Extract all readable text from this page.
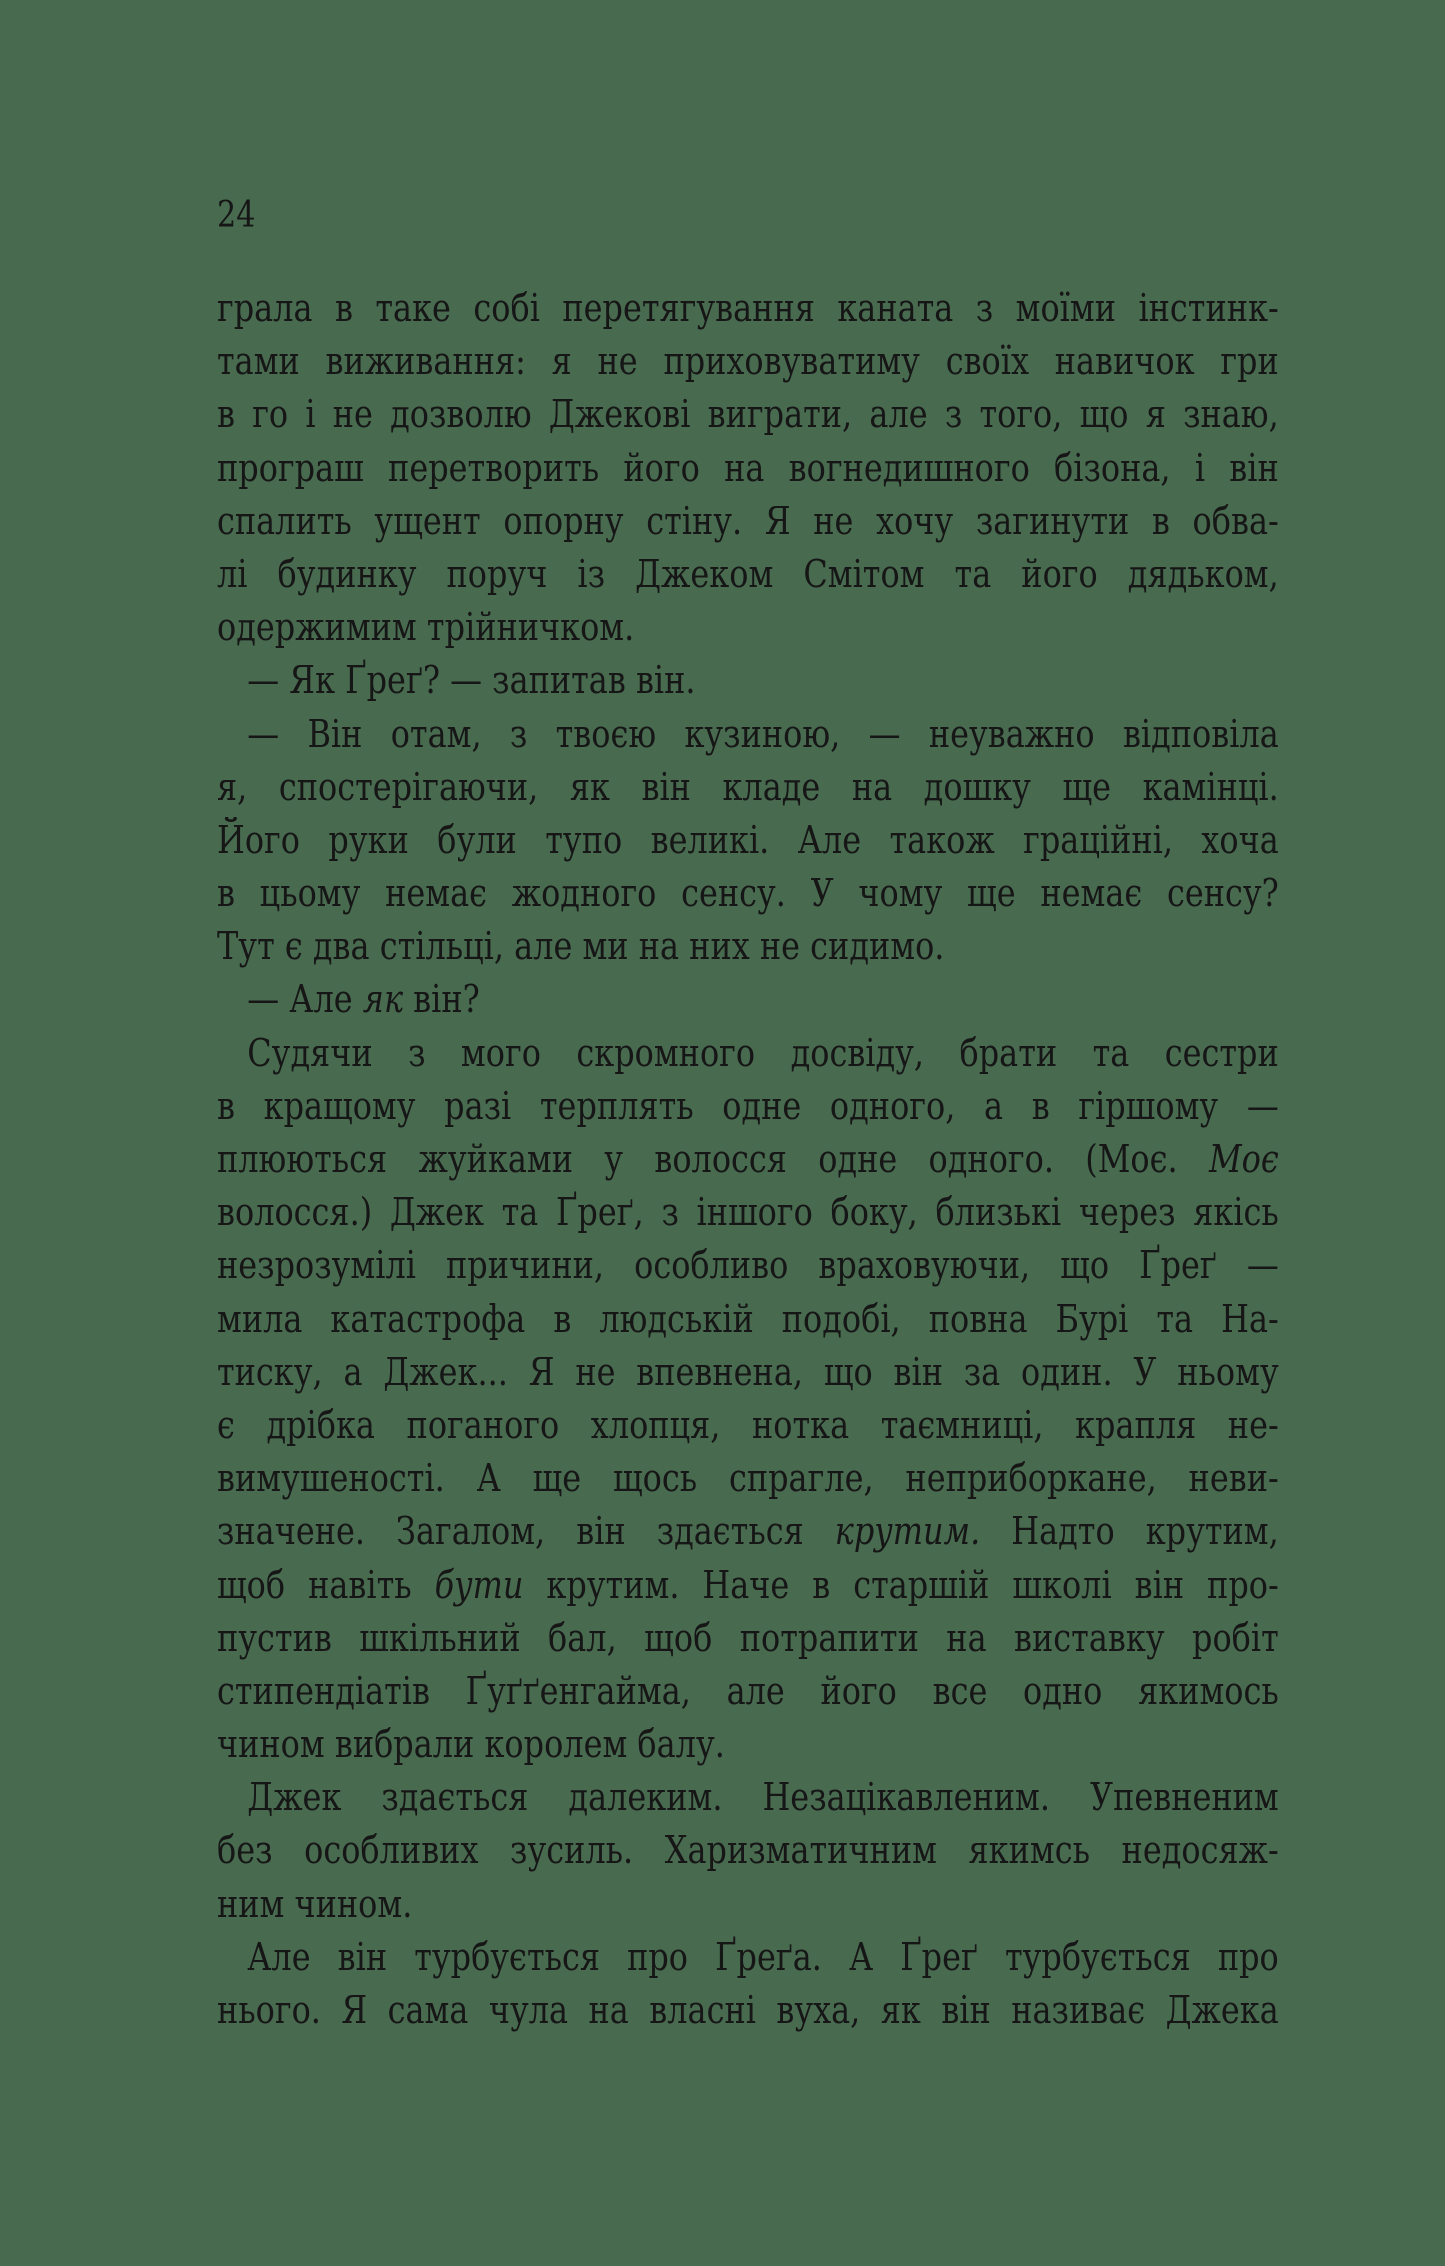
24
грала в таке собі перетягування каната з моїми інстинк-
тами виживання: я не приховуватиму своїх навичок гри
в го і не дозволю Джекові виграти, але з того, що я знаю,
програш перетворить його на вогнедишного бізона, і він
спалить ущент опорну стіну. Я не хочу загинути в обва-
лі будинку поруч із Джеком Смітом та його дядьком,
одержимим трійничком.
— Як Ґреґ? — запитав він.
— Він отам, з твоєю кузиною, — неуважно відповіла
я, спостерігаючи, як він кладе на дошку ще камінці.
Його руки були тупо великі. Але також граційні, хоча
в цьому немає жодного сенсу. У чому ще немає сенсу?
Тут є два стільці, але ми на них не сидимо.
— Але як він?
Судячи з мого скромного досвіду, брати та сестри
в кращому разі терплять одне одного, а в гіршому —
плюються жуйками у волосся одне одного. (Моє. Моє
волосся.) Джек та Ґреґ, з іншого боку, близькі через якісь
незрозумілі причини, особливо враховуючи, що Ґреґ —
мила катастрофа в людській подобі, повна Бурі та На-
тиску, а Джек... Я не впевнена, що він за один. У ньому
є дрібка поганого хлопця, нотка таємниці, крапля не-
вимушеності. А ще щось спрагле, неприборкане, неви-
значене. Загалом, він здається крутим. Надто крутим,
щоб навіть бути крутим. Наче в старшій школі він про-
пустив шкільний бал, щоб потрапити на виставку робіт
стипендіатів Ґуґґенгайма, але його все одно якимось
чином вибрали королем балу.
Джек здається далеким. Незацікавленим. Упевненим
без особливих зусиль. Харизматичним якимсь недосяж-
ним чином.
Але він турбується про Ґреґа. А Ґреґ турбується про
нього. Я сама чула на власні вуха, як він називає Джека
